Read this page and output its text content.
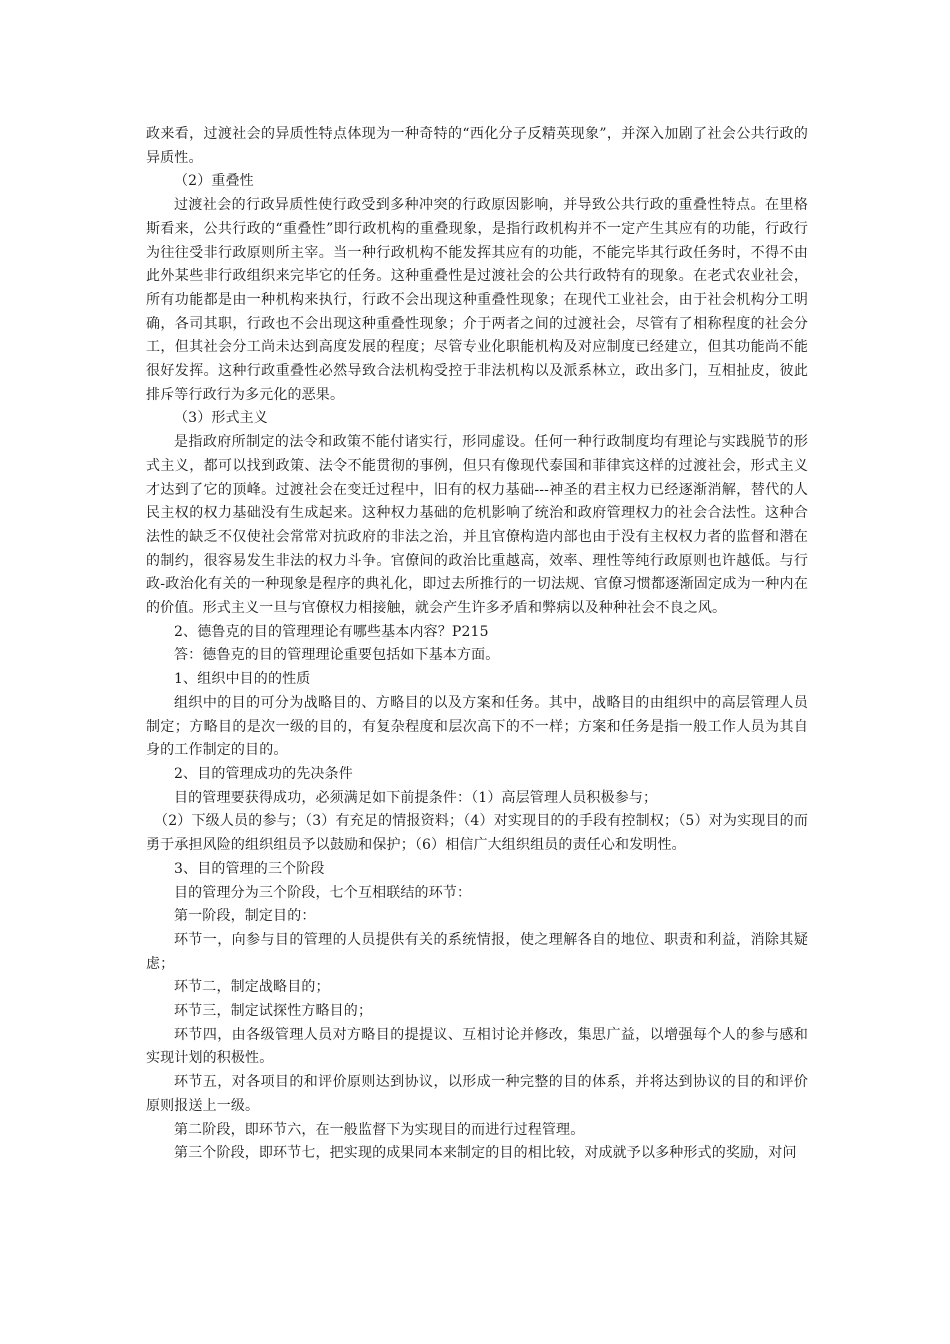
政来看，过渡社会的异质性特点体现为一种奇特的“西化分子反精英现象”，并深入加剧了社会公共行政的异质性。

（2）重叠性

过渡社会的行政异质性使行政受到多种冲突的行政原因影响，并导致公共行政的重叠性特点。在里格斯看来，公共行政的“重叠性”即行政机构的重叠现象，是指行政机构并不一定产生其应有的功能，行政行为往往受非行政原则所主宰。当一种行政机构不能发挥其应有的功能，不能完毕其行政任务时，不得不由此外某些非行政组织来完毕它的任务。这种重叠性是过渡社会的公共行政特有的现象。在老式农业社会，所有功能都是由一种机构来执行，行政不会出现这种重叠性现象；在现代工业社会，由于社会机构分工明确，各司其职，行政也不会出现这种重叠性现象；介于两者之间的过渡社会，尽管有了相称程度的社会分工，但其社会分工尚未达到高度发展的程度；尽管专业化职能机构及对应制度已经建立，但其功能尚不能很好发挥。这种行政重叠性必然导致合法机构受控于非法机构以及派系林立，政出多门，互相扯皮，彼此排斥等行政行为多元化的恶果。

（3）形式主义

是指政府所制定的法令和政策不能付诸实行，形同虚设。任何一种行政制度均有理论与实践脱节的形式主义，都可以找到政策、法令不能贯彻的事例，但只有像现代泰国和菲律宾这样的过渡社会，形式主义才达到了它的顶峰。过渡社会在变迁过程中，旧有的权力基础---神圣的君主权力已经逐渐消解，替代的人民主权的权力基础没有生成起来。这种权力基础的危机影响了统治和政府管理权力的社会合法性。这种合法性的缺乏不仅使社会常常对抗政府的非法之治，并且官僚构造内部也由于没有主权权力者的监督和潜在的制约，很容易发生非法的权力斗争。官僚间的政治比重越高，效率、理性等纯行政原则也许越低。与行政-政治化有关的一种现象是程序的典礼化，即过去所推行的一切法规、官僚习惯都逐渐固定成为一种内在的价值。形式主义一旦与官僚权力相接触，就会产生许多矛盾和弊病以及种种社会不良之风。

2、德鲁克的目的管理理论有哪些基本内容？P215

答：德鲁克的目的管理理论重要包括如下基本方面。

1、组织中目的的性质

组织中的目的可分为战略目的、方略目的以及方案和任务。其中，战略目的由组织中的高层管理人员制定；方略目的是次一级的目的，有复杂程度和层次高下的不一样；方案和任务是指一般工作人员为其自身的工作制定的目的。

2、目的管理成功的先决条件

目的管理要获得成功，必须满足如下前提条件：（1）高层管理人员积极参与；

（2）下级人员的参与；（3）有充足的情报资料；（4）对实现目的的手段有控制权；（5）对为实现目的而勇于承担风险的组织组员予以鼓励和保护；（6）相信广大组织组员的责任心和发明性。

3、目的管理的三个阶段

目的管理分为三个阶段，七个互相联结的环节：

第一阶段，制定目的：

环节一，向参与目的管理的人员提供有关的系统情报，使之理解各自的地位、职责和利益，消除其疑虑；

环节二，制定战略目的；

环节三，制定试探性方略目的；

环节四，由各级管理人员对方略目的提提议、互相讨论并修改，集思广益，以增强每个人的参与感和实现计划的积极性。

环节五，对各项目的和评价原则达到协议，以形成一种完整的目的体系，并将达到协议的目的和评价原则报送上一级。

第二阶段，即环节六，在一般监督下为实现目的而进行过程管理。

第三个阶段，即环节七，把实现的成果同本来制定的目的相比较，对成就予以多种形式的奖励，对问
